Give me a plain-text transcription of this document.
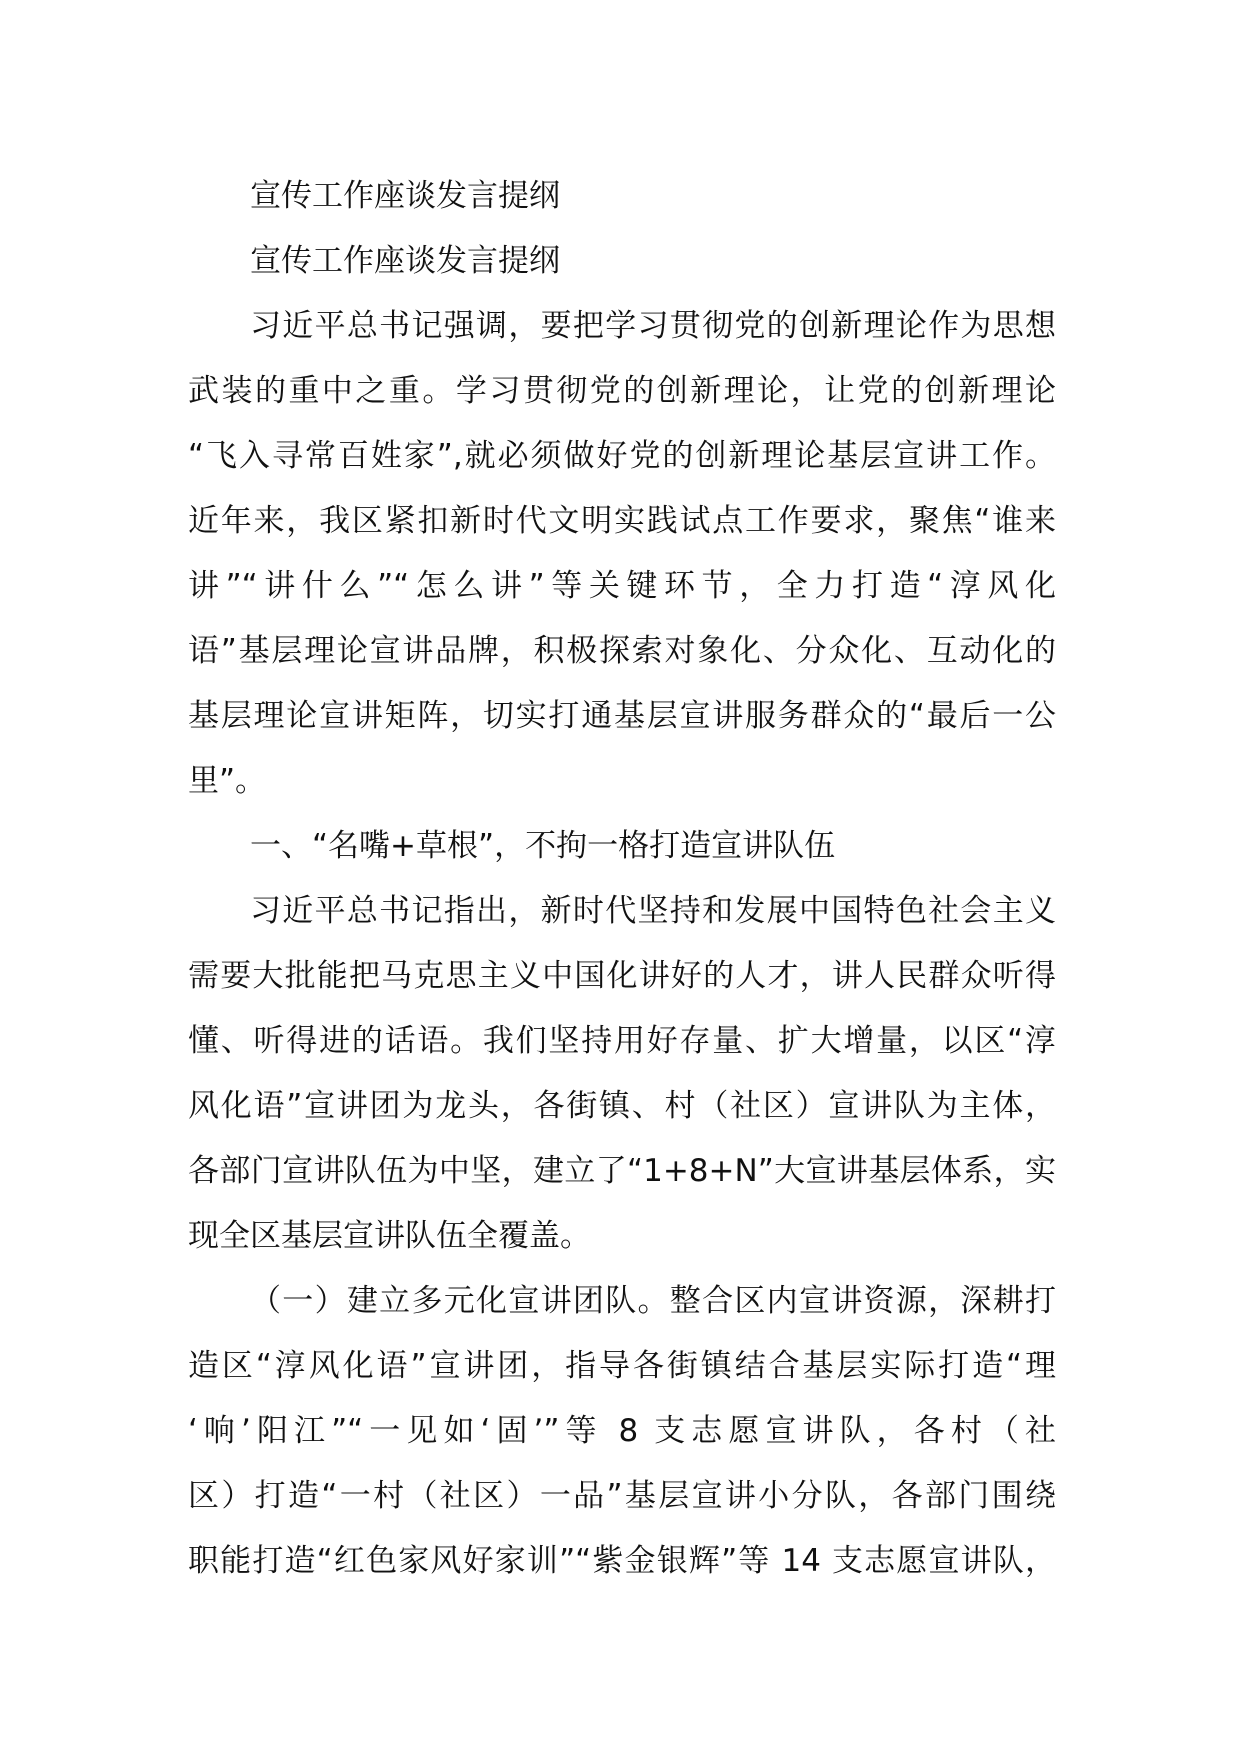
宣传工作座谈发言提纲
宣传工作座谈发言提纲
习近平总书记强调，要把学习贯彻党的创新理论作为思想
武装的重中之重。学习贯彻党的创新理论，让党的创新理论
“飞入寻常百姓家”,就必须做好党的创新理论基层宣讲工作。
近年来，我区紧扣新时代文明实践试点工作要求，聚焦“谁来
讲”“讲什么”“怎么讲”等关键环节，全力打造“淳风化
语”基层理论宣讲品牌，积极探索对象化、分众化、互动化的
基层理论宣讲矩阵，切实打通基层宣讲服务群众的“最后一公
里”。
一、“名嘴+草根”，不拘一格打造宣讲队伍
习近平总书记指出，新时代坚持和发展中国特色社会主义
需要大批能把马克思主义中国化讲好的人才，讲人民群众听得
懂、听得进的话语。我们坚持用好存量、扩大增量，以区“淳
风化语”宣讲团为龙头，各街镇、村（社区）宣讲队为主体，
各部门宣讲队伍为中坚，建立了“1+8+N”大宣讲基层体系，实
现全区基层宣讲队伍全覆盖。
（一）建立多元化宣讲团队。整合区内宣讲资源，深耕打
造区“淳风化语”宣讲团，指导各街镇结合基层实际打造“理
‘响’阳江”“一见如‘固’”等 8 支志愿宣讲队，各村（社
区）打造“一村（社区）一品”基层宣讲小分队，各部门围绕
职能打造“红色家风好家训”“紫金银辉”等 14 支志愿宣讲队，
